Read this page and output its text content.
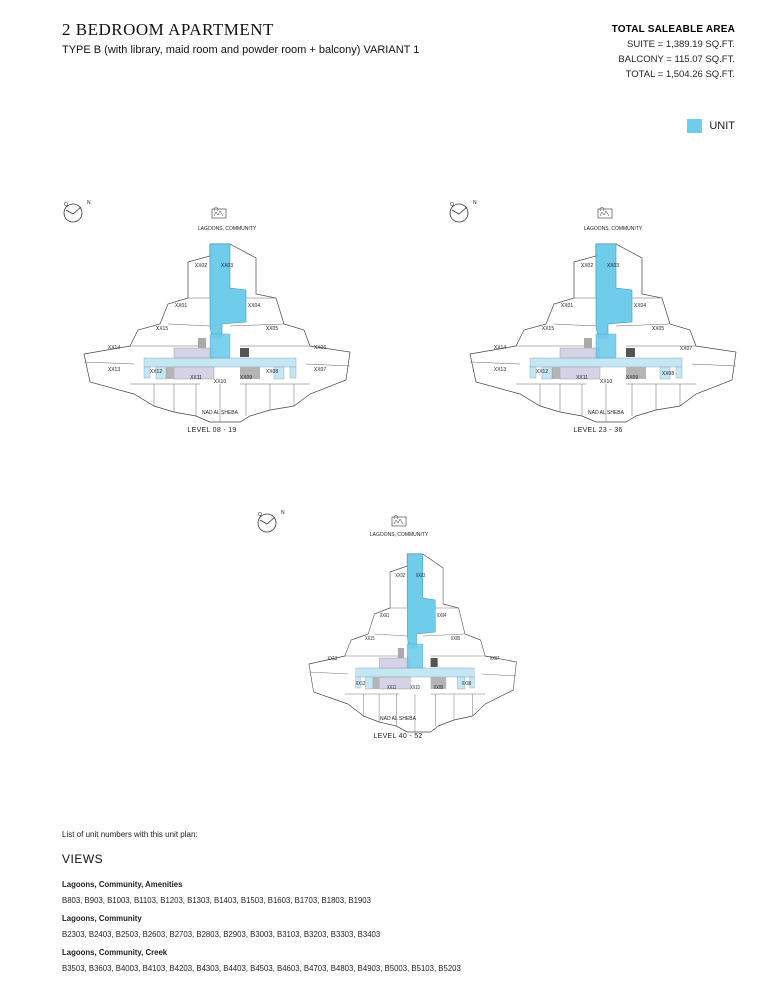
2 BEDROOM APARTMENT
TYPE B (with library, maid room and powder room + balcony) VARIANT 1
TOTAL SALEABLE AREA
SUITE = 1,389.19 SQ.FT.
BALCONY = 115.07 SQ.FT.
TOTAL = 1,504.26 SQ.FT.
UNIT
Q	N
LAGOONS, COMMUNITY
XX02	XX03
XX01	XX04
XX15	XX05
XX14	XX06
XX13	XX12
XX11
XX10
XX09
XX08	XX07
NAD AL SHEBA
LEVEL 08 - 19
Q	N
LAGOONS, COMMUNITY
XX02	XX03
XX01	XX04
XX15	XX05
XX14	XX07
XX13	XX12
XX11
XX10
XX09
XX08
NAD AL SHEBA
LEVEL 23 - 36
Q	N
LAGOONS, COMMUNITY
XX02 XX03
XX01	XX04
XX15	XX05
XX13	XX07
XX12
XX11	XX10	XX09
XX08
NAD AL SHEBA
LEVEL 40 - 52
List of unit numbers with this unit plan:
VIEWS
Lagoons, Community, Amenities
B803, B903, B1003, B1103, B1203, B1303, B1403, B1503, B1603, B1703, B1803, B1903
Lagoons, Community
B2303, B2403, B2503, B2603, B2703, B2803, B2903, B3003, B3103, B3203, B3303, B3403
Lagoons, Community, Creek
B3503, B3603, B4003, B4103, B4203, B4303, B4403, B4503, B4603, B4703, B4803, B4903, B5003, B5103, B5203
